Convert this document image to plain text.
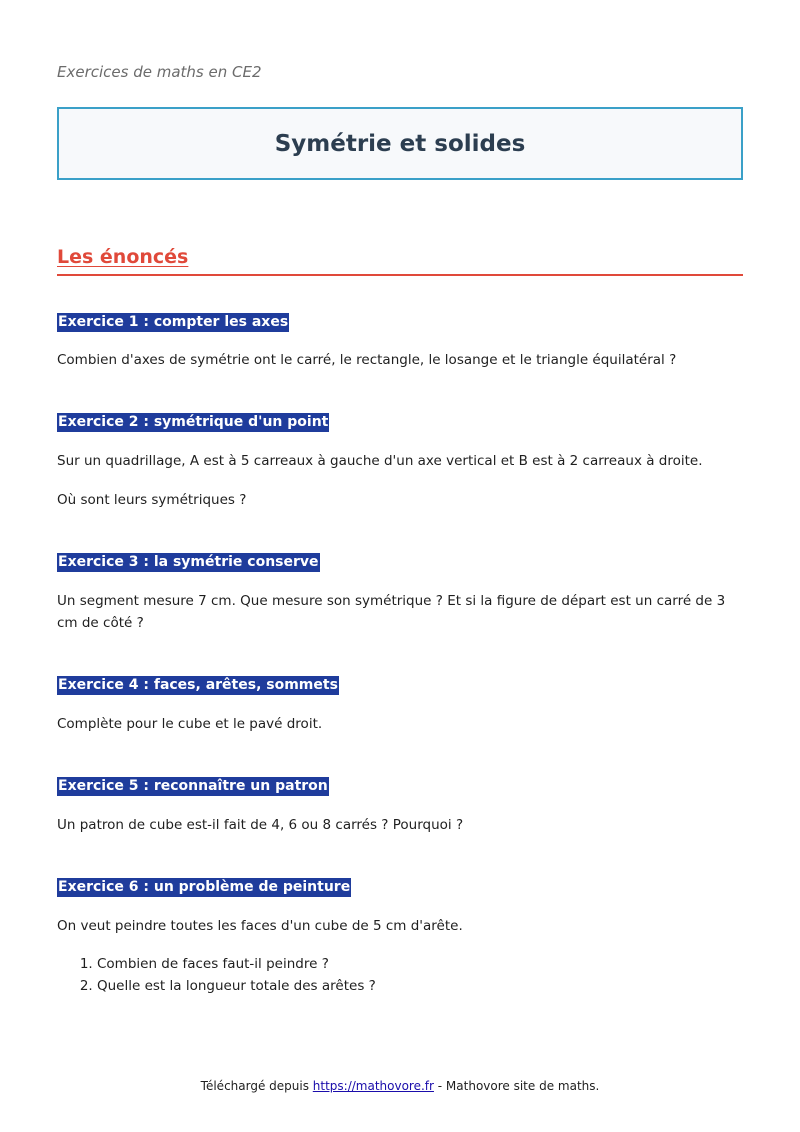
Exercices de maths en CE2
Symétrie et solides
Les énoncés
Exercice 1 : compter les axes

Combien d'axes de symétrie ont le carré, le rectangle, le losange et le triangle équilatéral ?

Exercice 2 : symétrique d'un point

Sur un quadrillage, A est à 5 carreaux à gauche d'un axe vertical et B est à 2 carreaux à droite.

Où sont leurs symétriques ?

Exercice 3 : la symétrie conserve

Un segment mesure 7 cm. Que mesure son symétrique ? Et si la figure de départ est un carré de 3 cm de côté ?

Exercice 4 : faces, arêtes, sommets

Complète pour le cube et le pavé droit.

Exercice 5 : reconnaître un patron

Un patron de cube est-il fait de 4, 6 ou 8 carrés ? Pourquoi ?

Exercice 6 : un problème de peinture

On veut peindre toutes les faces d'un cube de 5 cm d'arête.

1. Combien de faces faut-il peindre ?
2. Quelle est la longueur totale des arêtes ?
Téléchargé depuis https://mathovore.fr - Mathovore site de maths.
